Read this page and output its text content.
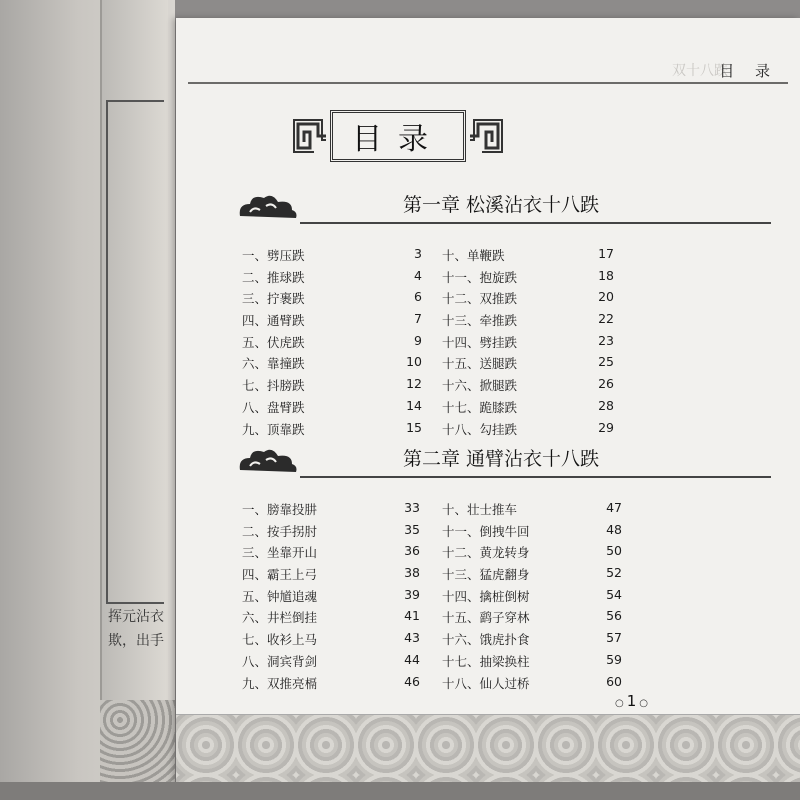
挥元沾衣
欺，出手
双十八跌
目 录
目录
第一章 松溪沾衣十八跌
一、劈压跌	3
二、推球跌	4
三、拧裹跌	6
四、通臂跌	7
五、伏虎跌	9
六、靠撞跌	10
七、抖膀跌	12
八、盘臂跌	14
九、顶靠跌	15
十、单鞭跌	17
十一、抱旋跌	18
十二、双推跌	20
十三、牵推跌	22
十四、劈挂跌	23
十五、送腿跌	25
十六、掀腿跌	26
十七、跪膝跌	28
十八、勾挂跌	29
第二章 通臂沾衣十八跌
一、膀靠投肼	33
二、按手拐肘	35
三、坐靠开山	36
四、霸王上弓	38
五、钟馗追魂	39
六、井栏倒挂	41
七、收衫上马	43
八、洞宾背剑	44
九、双推亮槅	46
十、壮士推车	47
十一、倒拽牛回	48
十二、黄龙转身	50
十三、猛虎翻身	52
十四、擒桩倒树	54
十五、鹞子穿林	56
十六、饿虎扑食	57
十七、抽梁换柱	59
十八、仙人过桥	60
○ 1 ○
